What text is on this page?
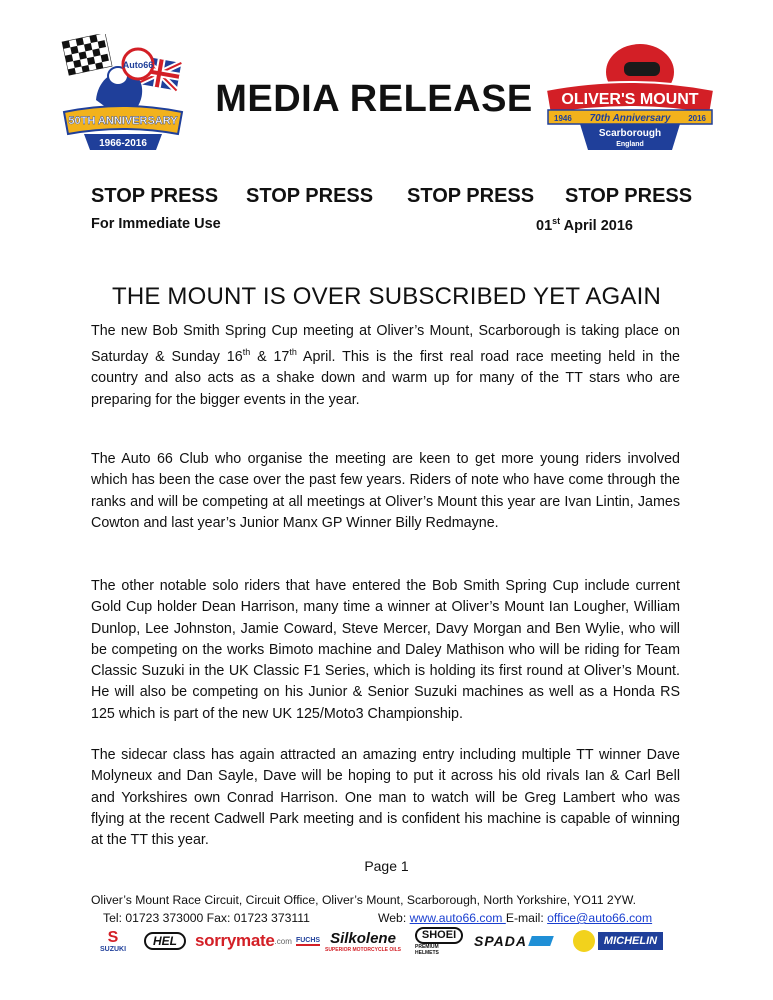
Auto66
50TH ANNIVERSARY
1966-2016
MEDIA RELEASE OLIVER'S MOUNT
1946 70th Anniversary 2016
Scarborough
England
STOP PRESS STOP PRESS STOP PRESS STOP PRESS
For Immediate Use	01st April 2016
THE MOUNT IS OVER SUBSCRIBED YET AGAIN
The new Bob Smith Spring Cup meeting at Oliver’s Mount, Scarborough is taking place on Saturday & Sunday 16th & 17th April. This is the first real road race meeting held in the country and also acts as a shake down and warm up for many of the TT stars who are preparing for the bigger events in the year.
The Auto 66 Club who organise the meeting are keen to get more young riders involved which has been the case over the past few years. Riders of note who have come through the ranks and will be competing at all meetings at Oliver’s Mount this year are Ivan Lintin, James Cowton and last year’s Junior Manx GP Winner Billy Redmayne.
The other notable solo riders that have entered the Bob Smith Spring Cup include current Gold Cup holder Dean Harrison, many time a winner at Oliver’s Mount Ian Lougher, William Dunlop, Lee Johnston, Jamie Coward, Steve Mercer, Davy Morgan and Ben Wylie, who will be competing on the works Bimoto machine and Daley Mathison who will be riding for Team Classic Suzuki in the UK Classic F1 Series, which is holding its first round at Oliver’s Mount. He will also be competing on his Junior & Senior Suzuki machines as well as a Honda RS 125 which is part of the new UK 125/Moto3 Championship.
The sidecar class has again attracted an amazing entry including multiple TT winner Dave Molyneux and Dan Sayle, Dave will be hoping to put it across his old rivals Ian & Carl Bell and Yorkshires own Conrad Harrison. One man to watch will be Greg Lambert who was flying at the recent Cadwell Park meeting and is confident his machine is capable of winning at the TT this year.
Page 1
Oliver’s Mount Race Circuit, Circuit Office, Oliver’s Mount, Scarborough, North Yorkshire, YO11 2YW.
Tel: 01723 373000 Fax: 01723 373111	Web: www.auto66.com E-mail: office@auto66.com
S
SUZUKI
HEL	sorrymate .com FUCHS Silkolene
SUPERIOR MOTORCYCLE OILS
SHOEI
PREMIUM HELMETS
SPADA	MICHELIN
